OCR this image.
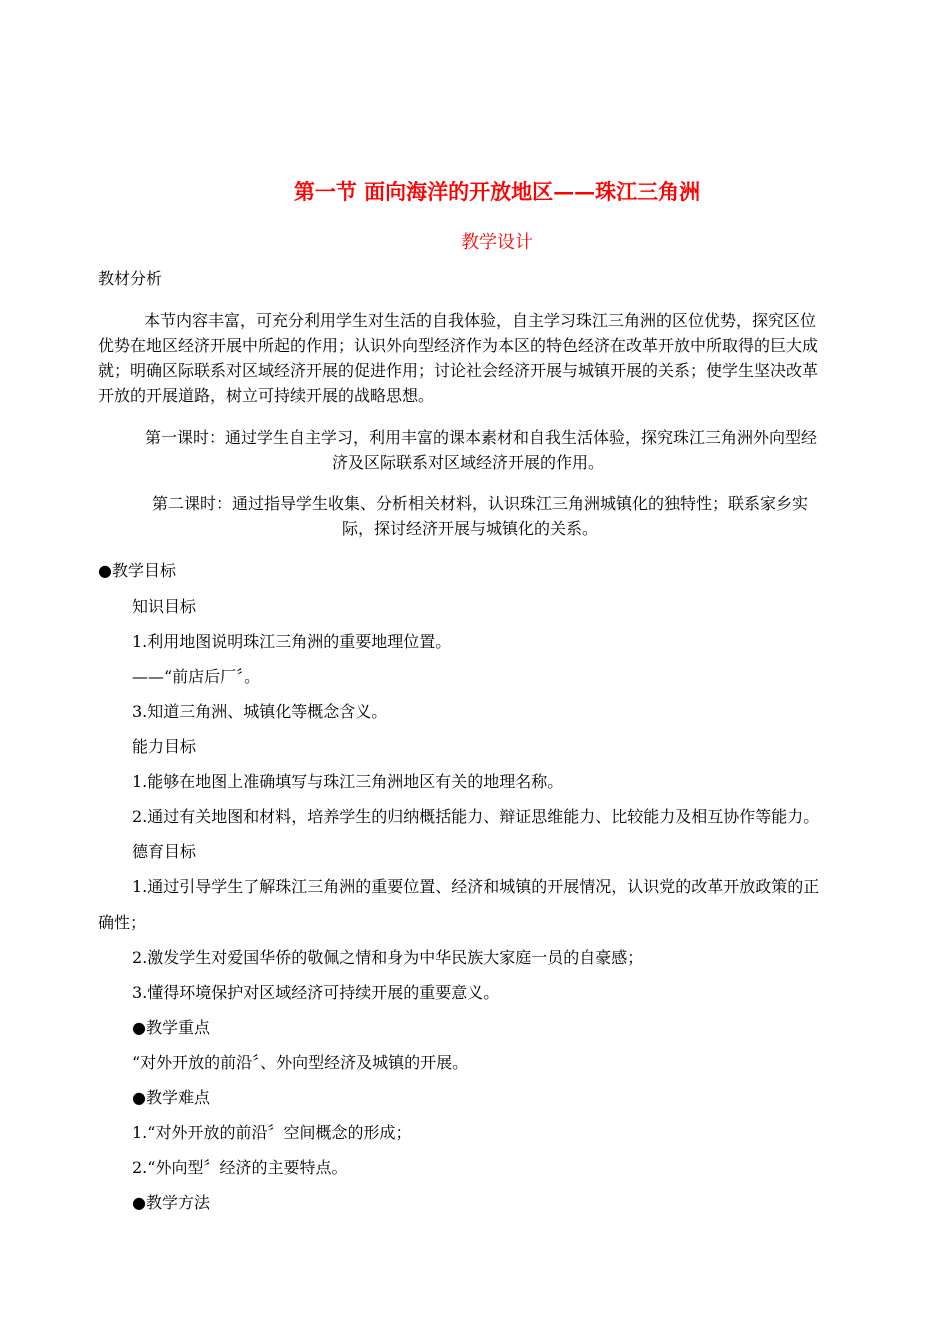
第一节 面向海洋的开放地区——珠江三角洲
教学设计
教材分析
本节内容丰富，可充分利用学生对生活的自我体验，自主学习珠江三角洲的区位优势，探究区位
优势在地区经济开展中所起的作用；认识外向型经济作为本区的特色经济在改革开放中所取得的巨大成
就；明确区际联系对区域经济开展的促进作用；讨论社会经济开展与城镇开展的关系；使学生坚决改革
开放的开展道路，树立可持续开展的战略思想。
第一课时：通过学生自主学习，利用丰富的课本素材和自我生活体验，探究珠江三角洲外向型经
济及区际联系对区域经济开展的作用。
第二课时：通过指导学生收集、分析相关材料，认识珠江三角洲城镇化的独特性；联系家乡实
际，探讨经济开展与城镇化的关系。
●教学目标
知识目标
1.利用地图说明珠江三角洲的重要地理位置。
——“前店后厂〞。
3.知道三角洲、城镇化等概念含义。
能力目标
1.能够在地图上准确填写与珠江三角洲地区有关的地理名称。
2.通过有关地图和材料，培养学生的归纳概括能力、辩证思维能力、比较能力及相互协作等能力。
德育目标
1.通过引导学生了解珠江三角洲的重要位置、经济和城镇的开展情况，认识党的改革开放政策的正
确性；
2.激发学生对爱国华侨的敬佩之情和身为中华民族大家庭一员的自豪感；
3.懂得环境保护对区域经济可持续开展的重要意义。
●教学重点
“对外开放的前沿〞、外向型经济及城镇的开展。
●教学难点
1.“对外开放的前沿〞空间概念的形成；
2.“外向型〞经济的主要特点。
●教学方法
